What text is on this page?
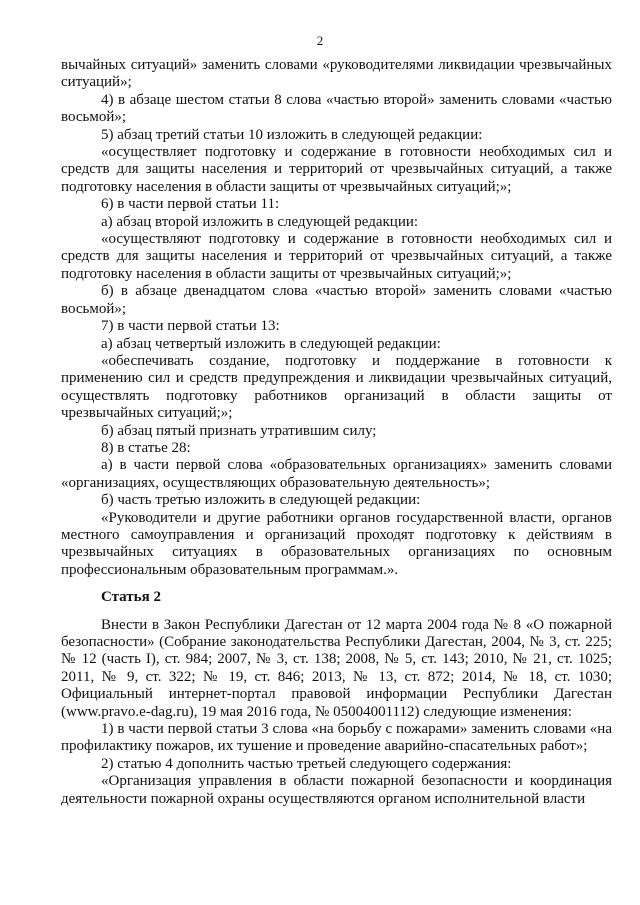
2

вычайных ситуаций» заменить словами «руководителями ликвидации чрезвычайных ситуаций»;

4) в абзаце шестом статьи 8 слова «частью второй» заменить словами «частью восьмой»;

5) абзац третий статьи 10 изложить в следующей редакции:

«осуществляет подготовку и содержание в готовности необходимых сил и средств для защиты населения и территорий от чрезвычайных ситуаций, а также подготовку населения в области защиты от чрезвычайных ситуаций;»;

6) в части первой статьи 11:

а) абзац второй изложить в следующей редакции:

«осуществляют подготовку и содержание в готовности необходимых сил и средств для защиты населения и территорий от чрезвычайных ситуаций, а также подготовку населения в области защиты от чрезвычайных ситуаций;»;

б) в абзаце двенадцатом слова «частью второй» заменить словами «частью восьмой»;

7) в части первой статьи 13:

а) абзац четвертый изложить в следующей редакции:

«обеспечивать создание, подготовку и поддержание в готовности к применению сил и средств предупреждения и ликвидации чрезвычайных ситуаций, осуществлять подготовку работников организаций в области защиты от чрезвычайных ситуаций;»;

б) абзац пятый признать утратившим силу;

8) в статье 28:

а) в части первой слова «образовательных организациях» заменить словами «организациях, осуществляющих образовательную деятельность»;

б) часть третью изложить в следующей редакции:

«Руководители и другие работники органов государственной власти, органов местного самоуправления и организаций проходят подготовку к действиям в чрезвычайных ситуациях в образовательных организациях по основным профессиональным образовательным программам.».

Статья 2

Внести в Закон Республики Дагестан от 12 марта 2004 года № 8 «О пожарной безопасности» (Собрание законодательства Республики Дагестан, 2004, № 3, ст. 225; № 12 (часть I), ст. 984; 2007, № 3, ст. 138; 2008, № 5, ст. 143; 2010, № 21, ст. 1025; 2011, № 9, ст. 322; № 19, ст. 846; 2013, № 13, ст. 872; 2014, № 18, ст. 1030; Официальный интернет-портал правовой информации Республики Дагестан (www.pravo.e-dag.ru), 19 мая 2016 года, № 05004001112) следующие изменения:

1) в части первой статьи 3 слова «на борьбу с пожарами» заменить словами «на профилактику пожаров, их тушение и проведение аварийно-спасательных работ»;

2) статью 4 дополнить частью третьей следующего содержания:

«Организация управления в области пожарной безопасности и координация деятельности пожарной охраны осуществляются органом исполнительной власти
